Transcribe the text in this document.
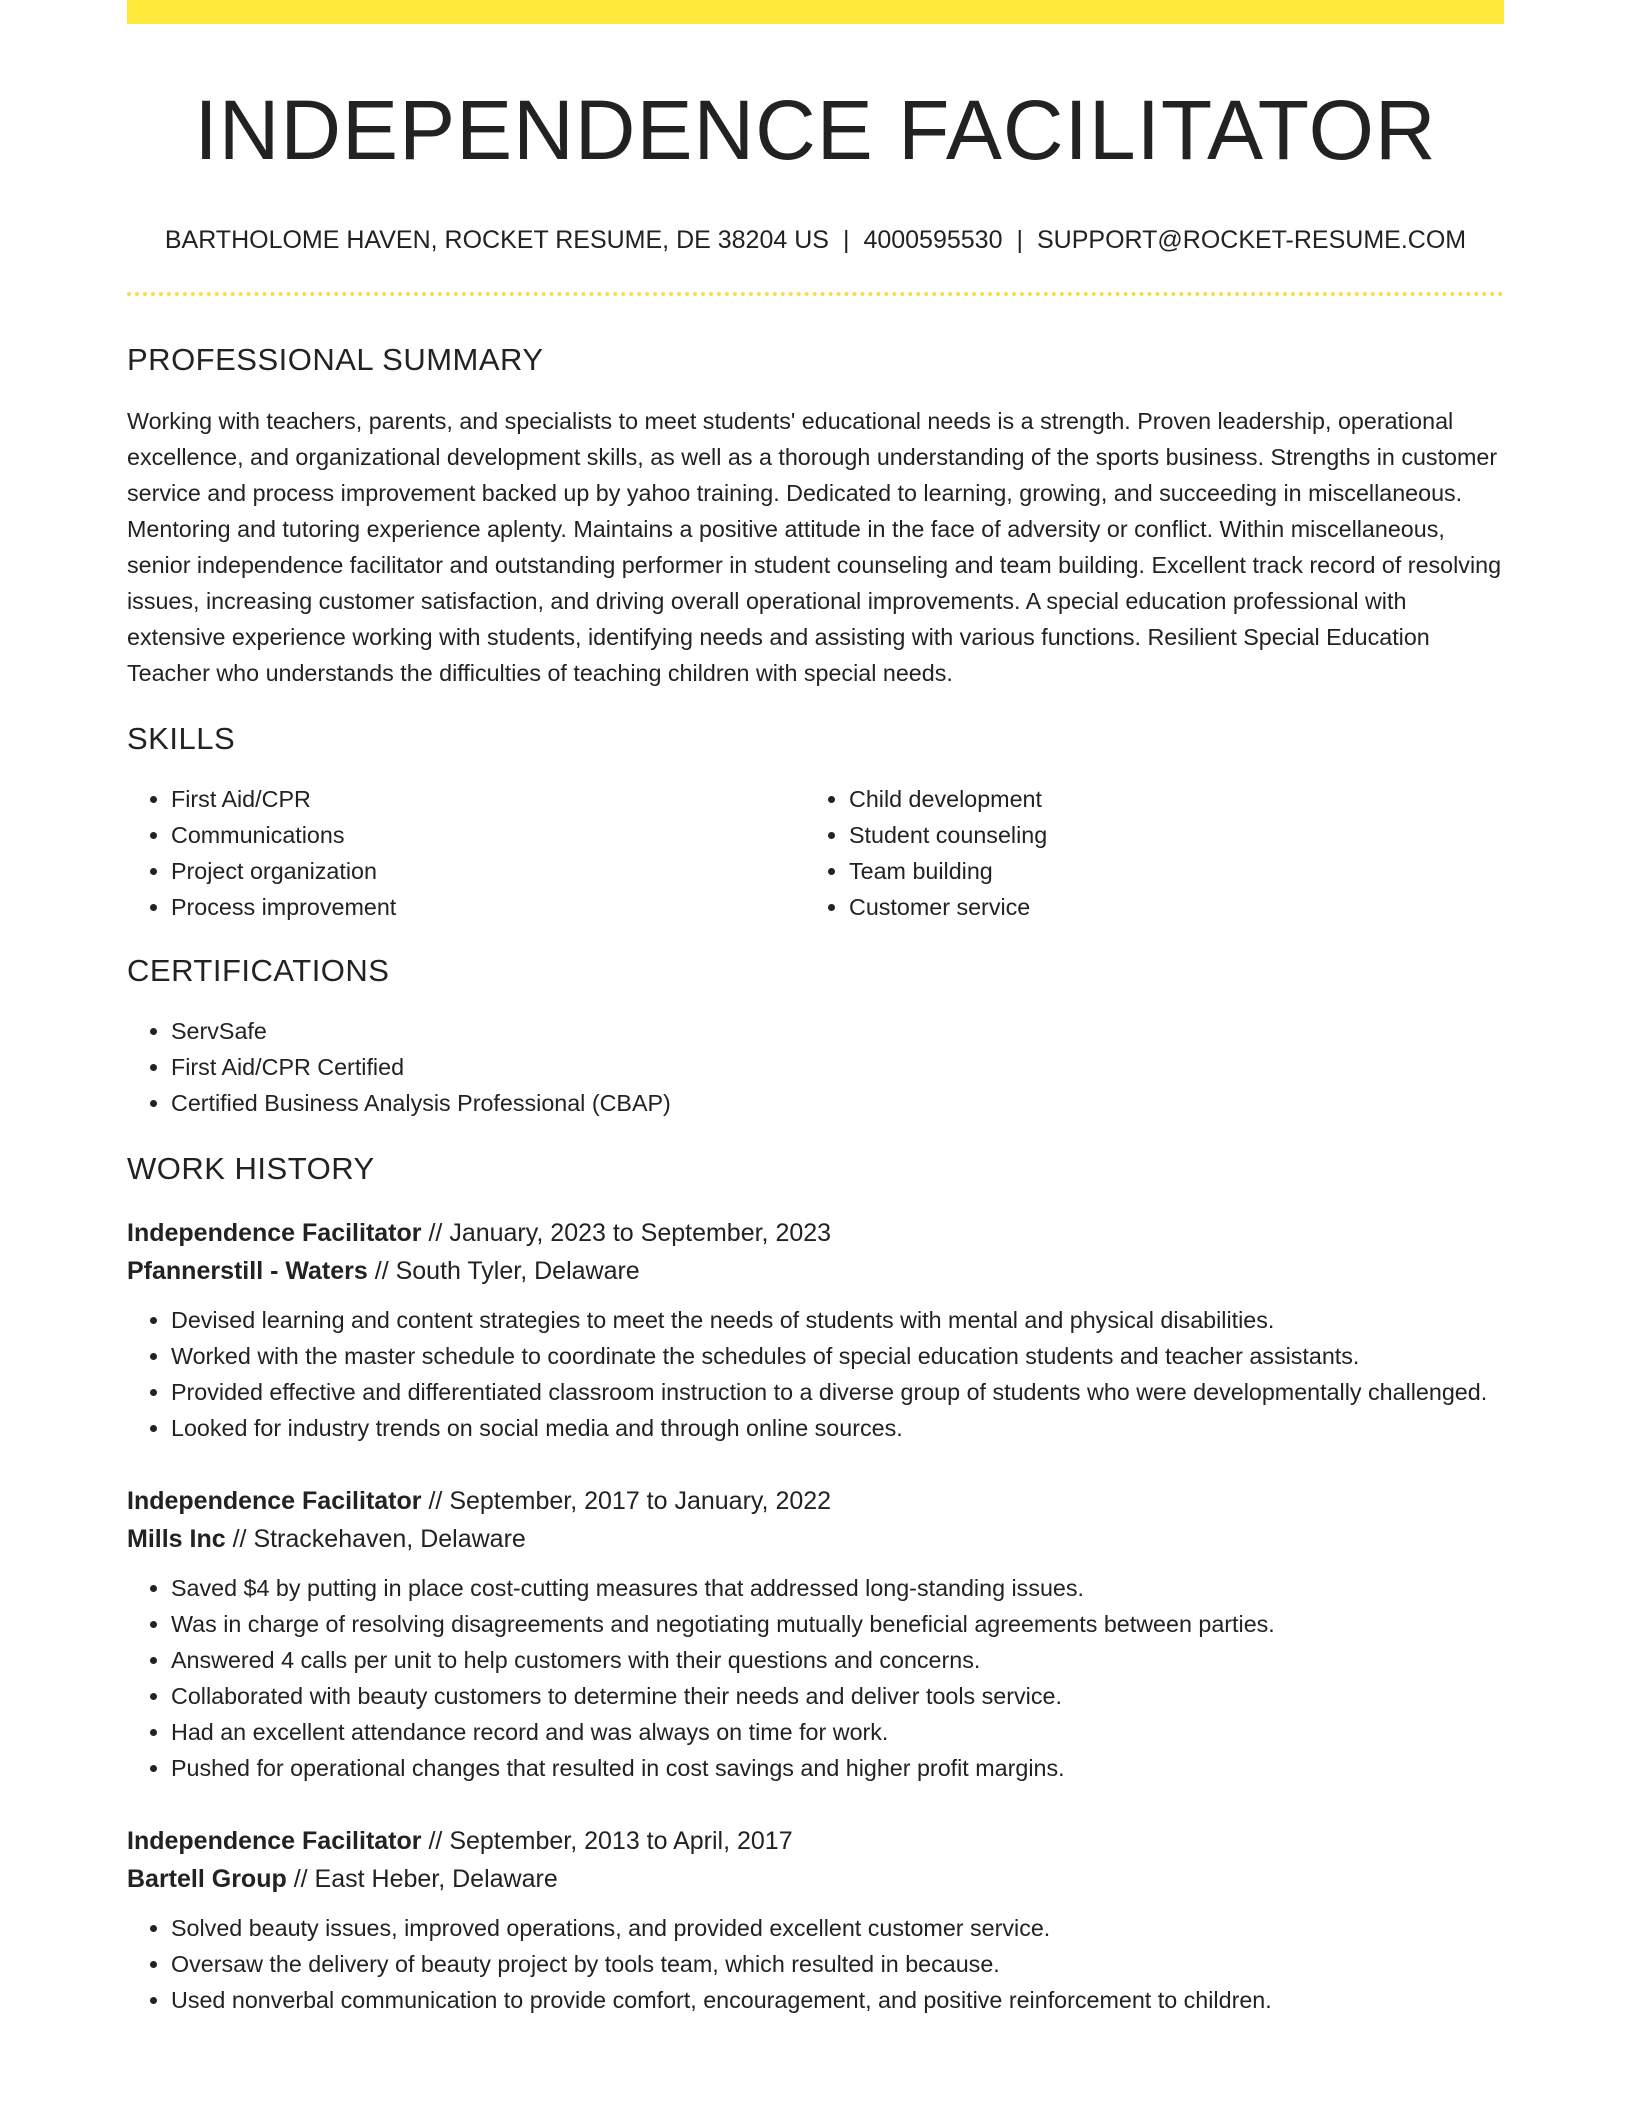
INDEPENDENCE FACILITATOR
BARTHOLOME HAVEN, ROCKET RESUME, DE 38204 US | 4000595530 | SUPPORT@ROCKET-RESUME.COM
PROFESSIONAL SUMMARY

Working with teachers, parents, and specialists to meet students' educational needs is a strength. Proven leadership, operational excellence, and organizational development skills, as well as a thorough understanding of the sports business. Strengths in customer service and process improvement backed up by yahoo training. Dedicated to learning, growing, and succeeding in miscellaneous. Mentoring and tutoring experience aplenty. Maintains a positive attitude in the face of adversity or conflict. Within miscellaneous, senior independence facilitator and outstanding performer in student counseling and team building. Excellent track record of resolving issues, increasing customer satisfaction, and driving overall operational improvements. A special education professional with extensive experience working with students, identifying needs and assisting with various functions. Resilient Special Education Teacher who understands the difficulties of teaching children with special needs.

SKILLS
• First Aid/CPR
• Communications
• Project organization
• Process improvement
• Child development
• Student counseling
• Team building
• Customer service
CERTIFICATIONS
• ServSafe
• First Aid/CPR Certified
• Certified Business Analysis Professional (CBAP)
WORK HISTORY
Independence Facilitator // January, 2023 to September, 2023
Pfannerstill - Waters // South Tyler, Delaware
• Devised learning and content strategies to meet the needs of students with mental and physical disabilities.
• Worked with the master schedule to coordinate the schedules of special education students and teacher assistants.
• Provided effective and differentiated classroom instruction to a diverse group of students who were developmentally challenged.
• Looked for industry trends on social media and through online sources.
Independence Facilitator // September, 2017 to January, 2022
Mills Inc // Strackehaven, Delaware
• Saved $4 by putting in place cost-cutting measures that addressed long-standing issues.
• Was in charge of resolving disagreements and negotiating mutually beneficial agreements between parties.
• Answered 4 calls per unit to help customers with their questions and concerns.
• Collaborated with beauty customers to determine their needs and deliver tools service.
• Had an excellent attendance record and was always on time for work.
• Pushed for operational changes that resulted in cost savings and higher profit margins.
Independence Facilitator // September, 2013 to April, 2017
Bartell Group // East Heber, Delaware
• Solved beauty issues, improved operations, and provided excellent customer service.
• Oversaw the delivery of beauty project by tools team, which resulted in because.
• Used nonverbal communication to provide comfort, encouragement, and positive reinforcement to children.
